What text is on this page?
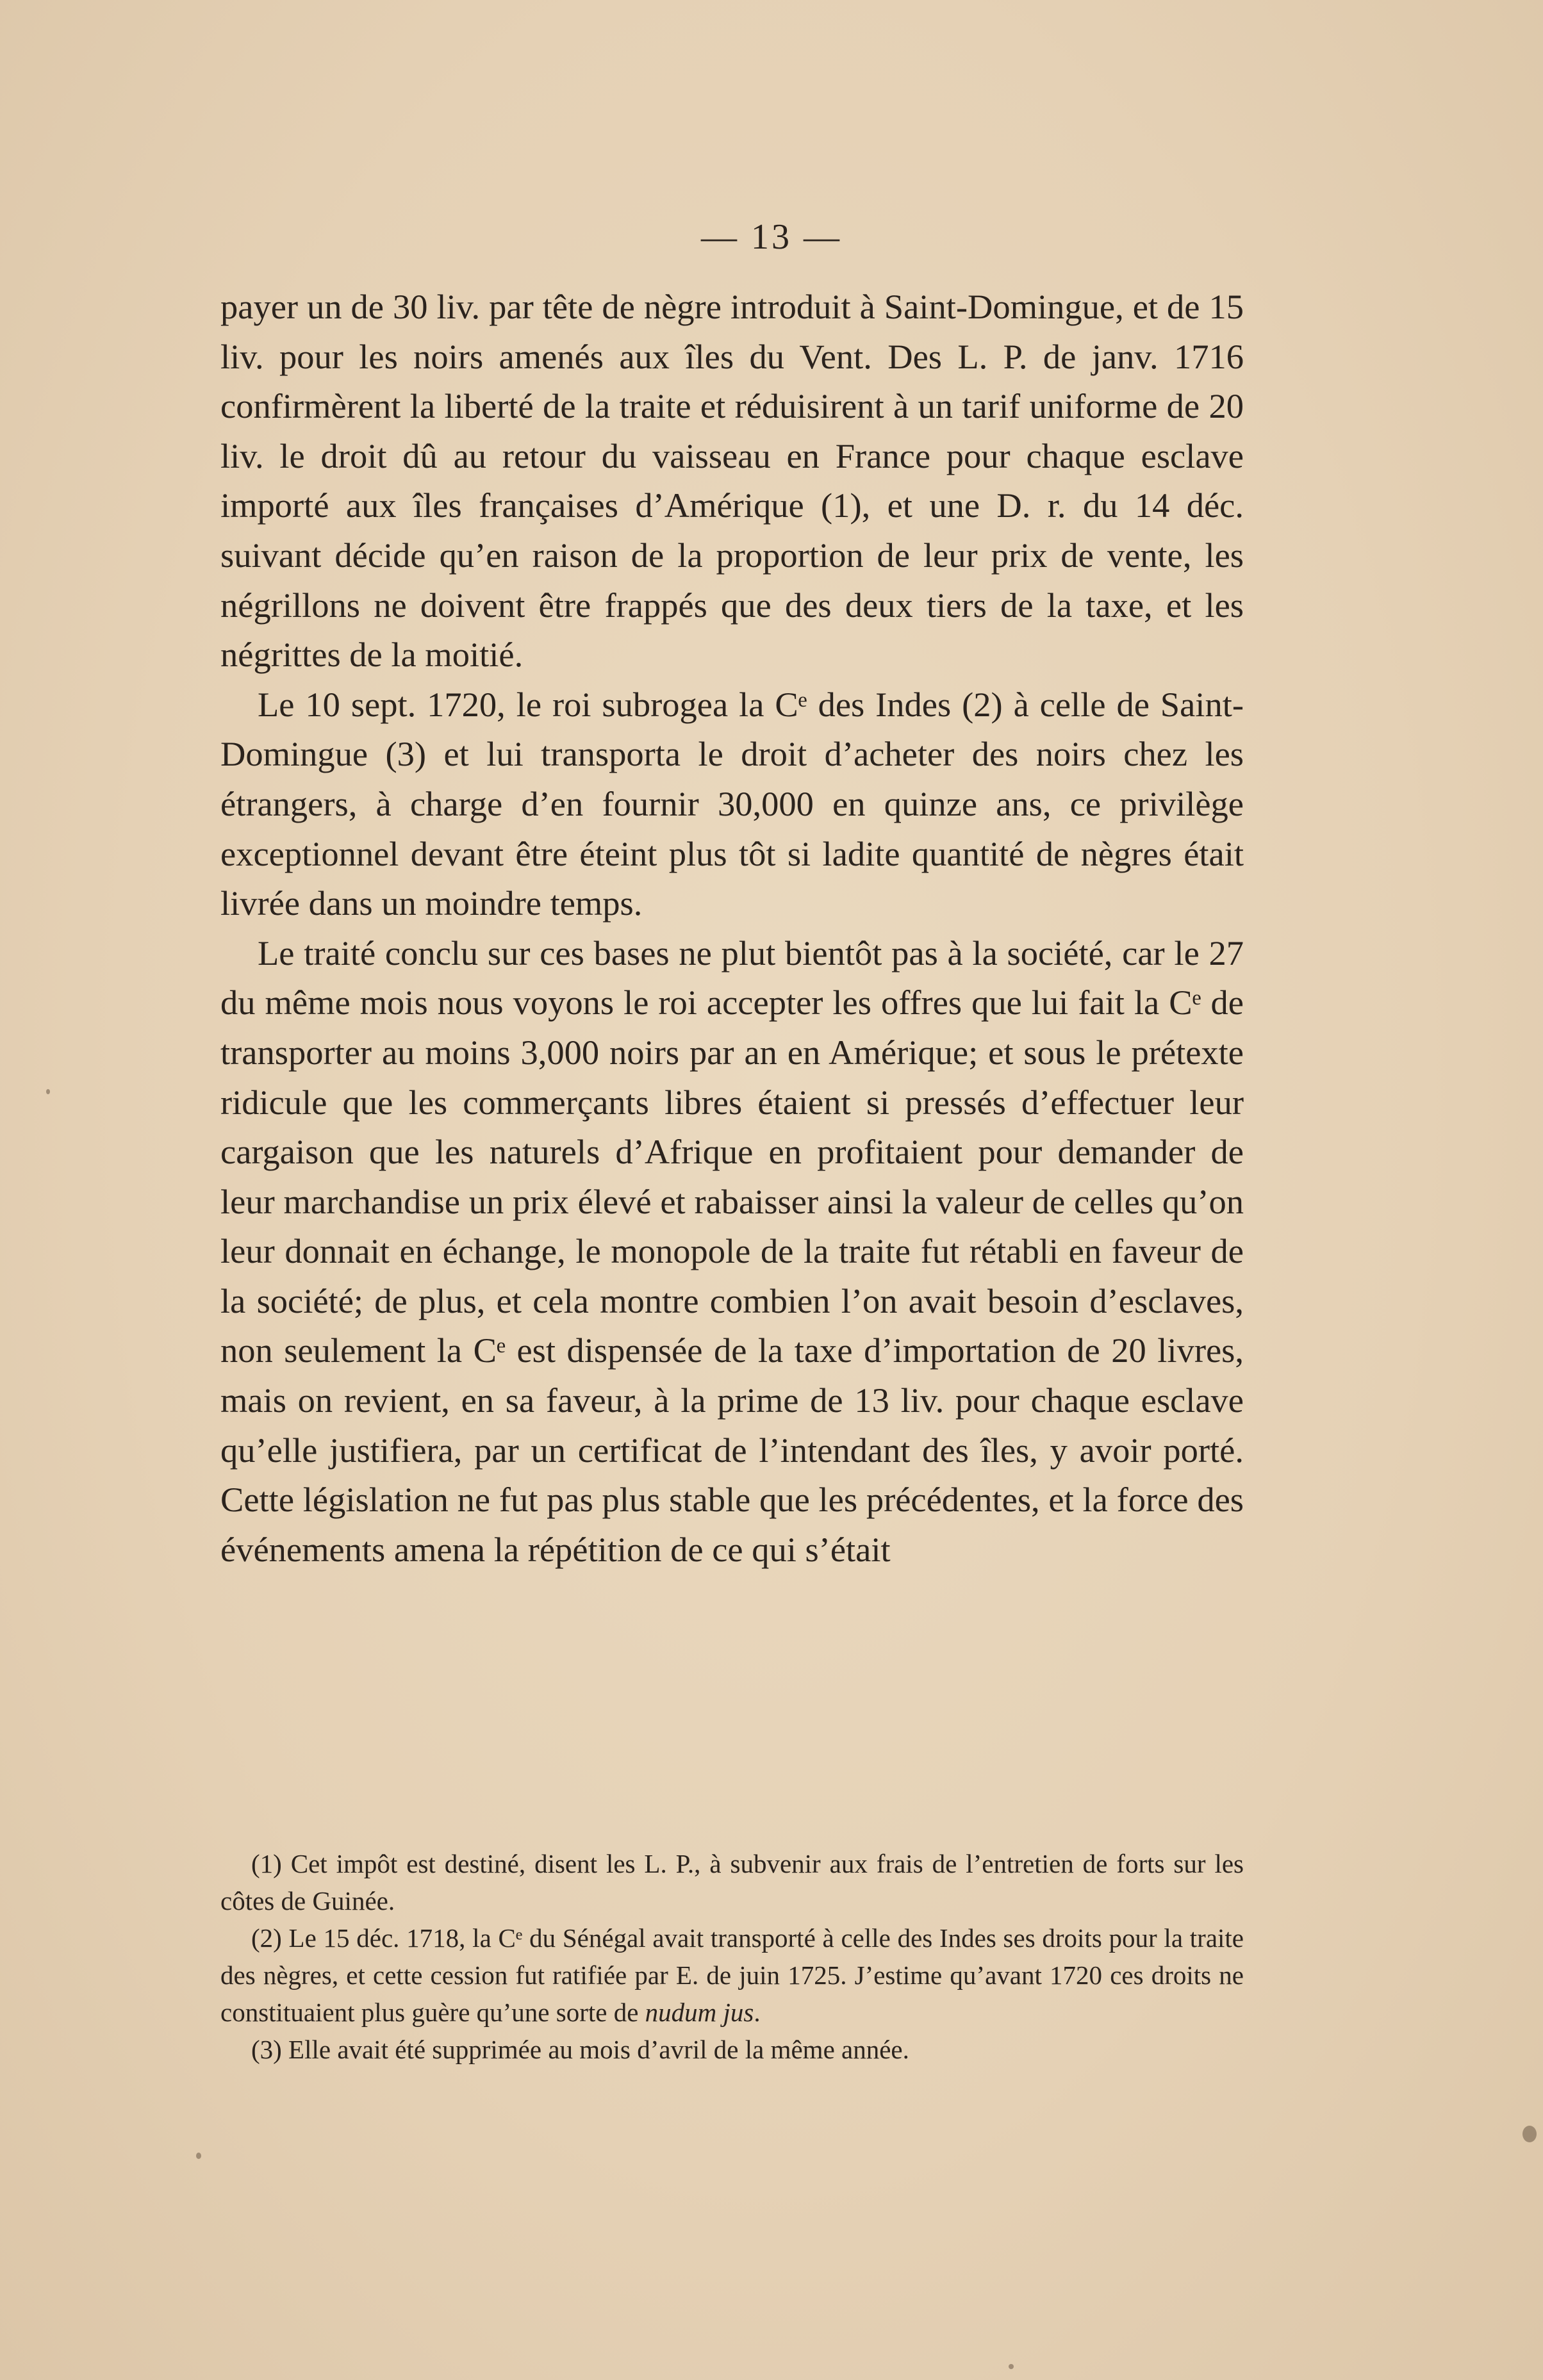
— 13 —

payer un de 30 liv. par tête de nègre introduit à Saint-Domingue, et de 15 liv. pour les noirs amenés aux îles du Vent. Des L. P. de janv. 1716 confirmèrent la liberté de la traite et réduisirent à un tarif uniforme de 20 liv. le droit dû au retour du vaisseau en France pour chaque esclave importé aux îles françaises d’Amérique (1), et une D. r. du 14 déc. suivant décide qu’en raison de la proportion de leur prix de vente, les négrillons ne doivent être frappés que des deux tiers de la taxe, et les négrittes de la moitié.

Le 10 sept. 1720, le roi subrogea la Cᵉ des Indes (2) à celle de Saint-Domingue (3) et lui transporta le droit d’acheter des noirs chez les étrangers, à charge d’en fournir 30,000 en quinze ans, ce privilège exceptionnel devant être éteint plus tôt si ladite quantité de nègres était livrée dans un moindre temps.

Le traité conclu sur ces bases ne plut bientôt pas à la société, car le 27 du même mois nous voyons le roi accepter les offres que lui fait la Cᵉ de transporter au moins 3,000 noirs par an en Amérique; et sous le prétexte ridicule que les commerçants libres étaient si pressés d’effectuer leur cargaison que les naturels d’Afrique en profitaient pour demander de leur marchandise un prix élevé et rabaisser ainsi la valeur de celles qu’on leur donnait en échange, le monopole de la traite fut rétabli en faveur de la société; de plus, et cela montre combien l’on avait besoin d’esclaves, non seulement la Cᵉ est dispensée de la taxe d’importation de 20 livres, mais on revient, en sa faveur, à la prime de 13 liv. pour chaque esclave qu’elle justifiera, par un certificat de l’intendant des îles, y avoir porté. Cette législation ne fut pas plus stable que les précédentes, et la force des événements amena la répétition de ce qui s’était

(1) Cet impôt est destiné, disent les L. P., à subvenir aux frais de l’entretien de forts sur les côtes de Guinée.

(2) Le 15 déc. 1718, la Cᵉ du Sénégal avait transporté à celle des Indes ses droits pour la traite des nègres, et cette cession fut ratifiée par E. de juin 1725. J’estime qu’avant 1720 ces droits ne constituaient plus guère qu’une sorte de nudum jus.

(3) Elle avait été supprimée au mois d’avril de la même année.
